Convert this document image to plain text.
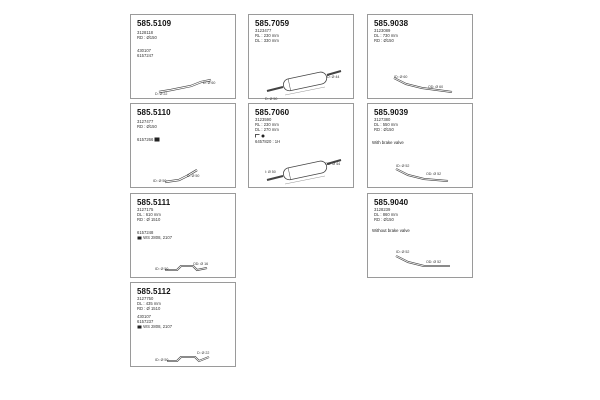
585.5109
3128118
RD : Ø150
430107
6157247
D: Ø 22
D: Ø 60
585.7059
3123477
RL : 230 mm
DL : 330 mm
D: Ø 50
D: Ø 44
585.9038
3123089
DL : 730 mm
RD : Ø150
ID: Ø 60
OD: Ø 60
585.5110
3127477
RD : Ø150
6157266
ID: Ø 50
D: Ø 50
585.7060
3123590
RL : 230 mm
DL : 270 mm

6457820 : 1H
I: Ø 50
OD: Ø 44
585.9039
3127380
DL : 550 mm
RD : Ø150
With brake valve
ID: Ø 52
OD: Ø 52
585.5111
3127175
DL : 610 mm
RD : Ø 1510
6157248
WS 2808, 2107
OD: Ø 16
ID: Ø 50
585.9040
3128239
DL : 860 mm
RD : Ø150
Without brake valve
ID: Ø 52
OD: Ø 52
585.5112
3127750
DL : 435 mm
RD : Ø 1510
430107
6157237
WS 2808, 2107
D: Ø 22
ID: Ø 50
